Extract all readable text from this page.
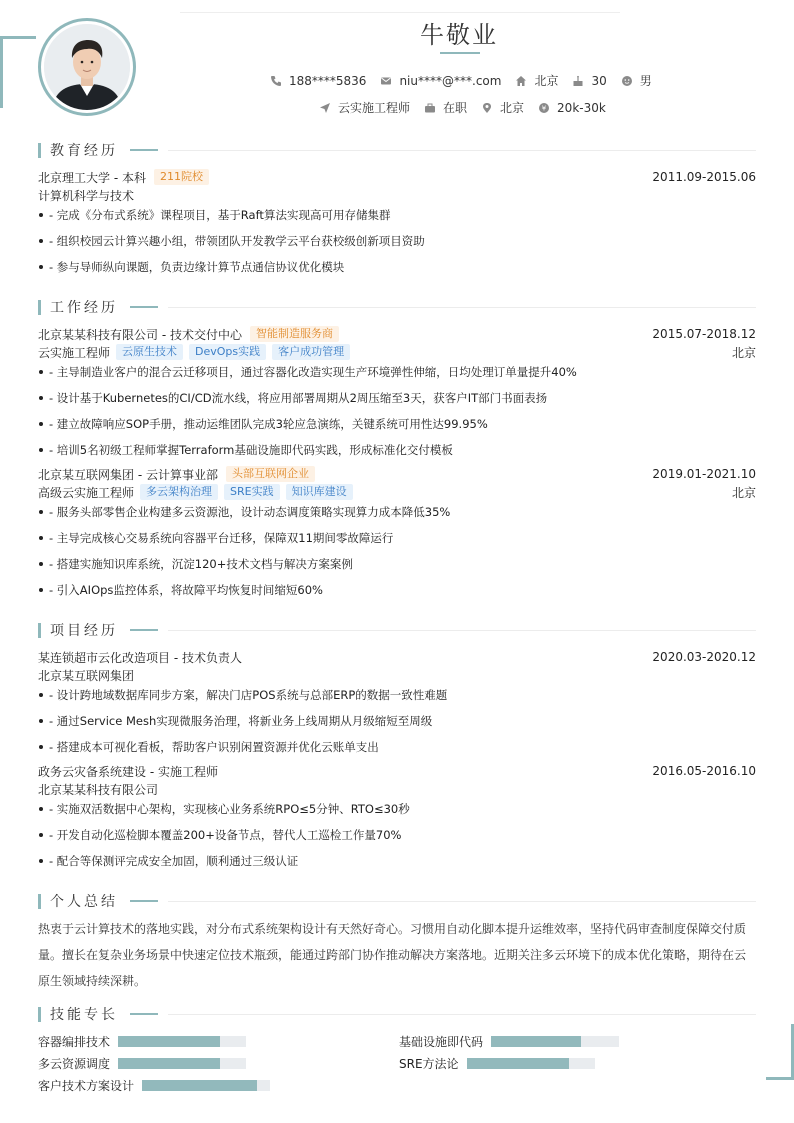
牛敬业
188****5836	niu****@***.com	北京	30	男
云实施工程师	在职	北京	¥ 20k-30k
教育经历
北京理工大学 - 本科	211院校	2011.09-2015.06
计算机科学与技术
- 完成《分布式系统》课程项目，基于Raft算法实现高可用存储集群
- 组织校园云计算兴趣小组，带领团队开发教学云平台获校级创新项目资助
- 参与导师纵向课题，负责边缘计算节点通信协议优化模块
工作经历
北京某某科技有限公司 - 技术交付中心	智能制造服务商	2015.07-2018.12
云实施工程师	云原生技术	DevOps实践	客户成功管理	北京
- 主导制造业客户的混合云迁移项目，通过容器化改造实现生产环境弹性伸缩，日均处理订单量提升40%
- 设计基于Kubernetes的CI/CD流水线，将应用部署周期从2周压缩至3天，获客户IT部门书面表扬
- 建立故障响应SOP手册，推动运维团队完成3轮应急演练，关键系统可用性达99.95%
- 培训5名初级工程师掌握Terraform基础设施即代码实践，形成标准化交付模板
北京某互联网集团 - 云计算事业部	头部互联网企业	2019.01-2021.10
高级云实施工程师	多云架构治理	SRE实践	知识库建设	北京
- 服务头部零售企业构建多云资源池，设计动态调度策略实现算力成本降低35%
- 主导完成核心交易系统向容器平台迁移，保障双11期间零故障运行
- 搭建实施知识库系统，沉淀120+技术文档与解决方案案例
- 引入AIOps监控体系，将故障平均恢复时间缩短60%
项目经历
某连锁超市云化改造项目 - 技术负责人	2020.03-2020.12
北京某互联网集团
- 设计跨地域数据库同步方案，解决门店POS系统与总部ERP的数据一致性难题
- 通过Service Mesh实现微服务治理，将新业务上线周期从月级缩短至周级
- 搭建成本可视化看板，帮助客户识别闲置资源并优化云账单支出
政务云灾备系统建设 - 实施工程师	2016.05-2016.10
北京某某科技有限公司
- 实施双活数据中心架构，实现核心业务系统RPO≤5分钟、RTO≤30秒
- 开发自动化巡检脚本覆盖200+设备节点，替代人工巡检工作量70%
- 配合等保测评完成安全加固，顺利通过三级认证
个人总结
热衷于云计算技术的落地实践，对分布式系统架构设计有天然好奇心。习惯用自动化脚本提升运维效率，坚持代码审查制度保障交付质量。擅长在复杂业务场景中快速定位技术瓶颈，能通过跨部门协作推动解决方案落地。近期关注多云环境下的成本优化策略，期待在云原生领域持续深耕。
技能专长
容器编排技术	基础设施即代码
多云资源调度	SRE方法论
客户技术方案设计
